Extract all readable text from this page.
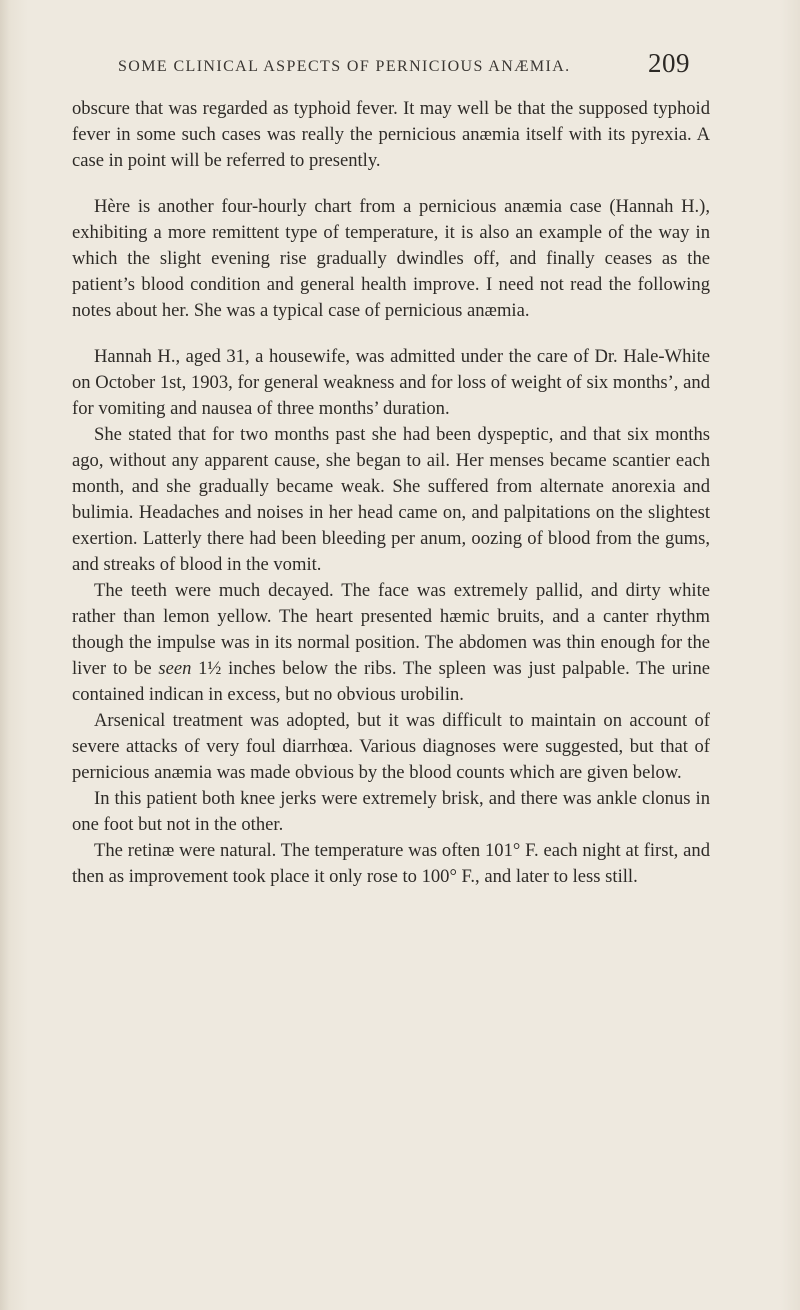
SOME CLINICAL ASPECTS OF PERNICIOUS ANÆMIA.	209

obscure that was regarded as typhoid fever. It may well be that the supposed typhoid fever in some such cases was really the pernicious anæmia itself with its pyrexia. A case in point will be referred to presently.

Hère is another four-hourly chart from a pernicious anæmia case (Hannah H.), exhibiting a more remittent type of temperature, it is also an example of the way in which the slight evening rise gradually dwindles off, and finally ceases as the patient’s blood condition and general health improve. I need not read the following notes about her. She was a typical case of pernicious anæmia.

Hannah H., aged 31, a housewife, was admitted under the care of Dr. Hale-White on October 1st, 1903, for general weakness and for loss of weight of six months’, and for vomiting and nausea of three months’ duration.

She stated that for two months past she had been dyspeptic, and that six months ago, without any apparent cause, she began to ail. Her menses became scantier each month, and she gradually became weak. She suffered from alternate anorexia and bulimia. Headaches and noises in her head came on, and palpitations on the slightest exertion. Latterly there had been bleeding per anum, oozing of blood from the gums, and streaks of blood in the vomit.

The teeth were much decayed. The face was extremely pallid, and dirty white rather than lemon yellow. The heart presented hæmic bruits, and a canter rhythm though the impulse was in its normal position. The abdomen was thin enough for the liver to be seen 1½ inches below the ribs. The spleen was just palpable. The urine contained indican in excess, but no obvious urobilin.

Arsenical treatment was adopted, but it was difficult to maintain on account of severe attacks of very foul diarrhœa. Various diagnoses were suggested, but that of pernicious anæmia was made obvious by the blood counts which are given below.

In this patient both knee jerks were extremely brisk, and there was ankle clonus in one foot but not in the other.

The retinæ were natural. The temperature was often 101° F. each night at first, and then as improvement took place it only rose to 100° F., and later to less still.
